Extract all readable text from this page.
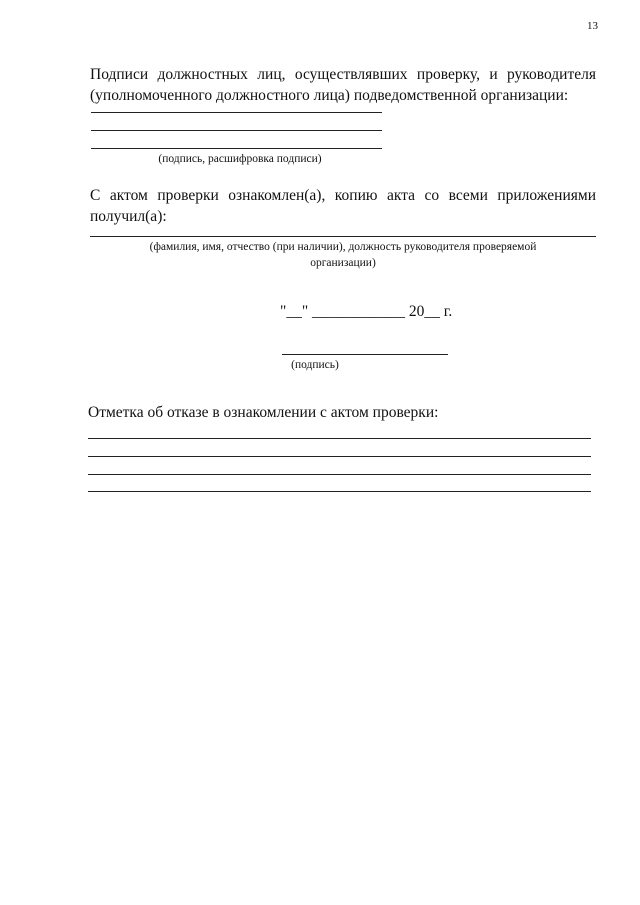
13
Подписи должностных лиц, осуществлявших проверку, и руководителя (уполномоченного должностного лица) подведомственной организации:
(подпись, расшифровка подписи)
С актом проверки ознакомлен(а), копию акта со всеми приложениями получил(а):
(фамилия, имя, отчество (при наличии), должность руководителя проверяемой
организации)
"__" ____________ 20__ г.
(подпись)
Отметка об отказе в ознакомлении с актом проверки:
